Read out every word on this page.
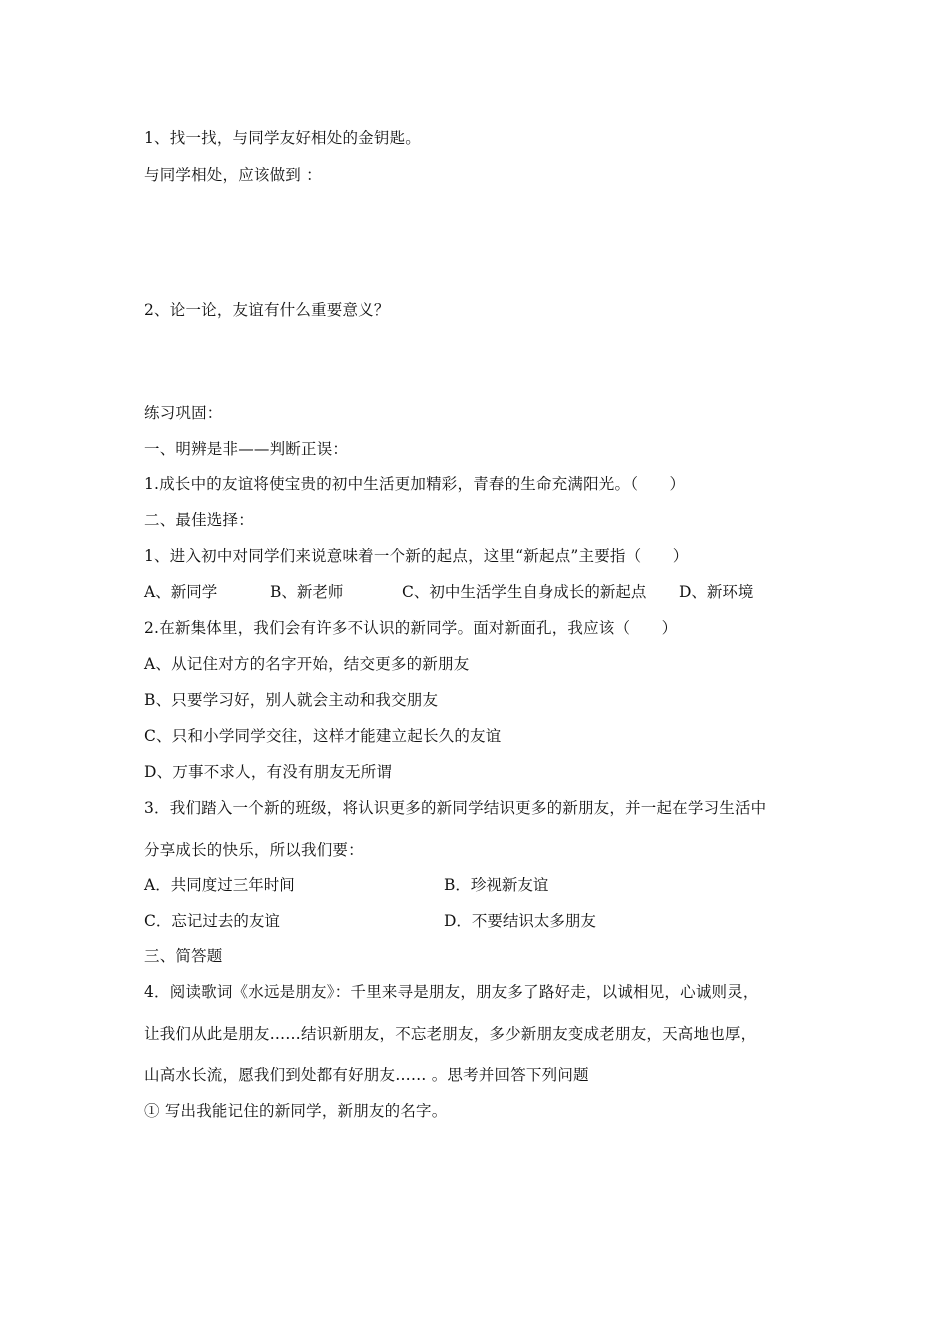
1、找一找，与同学友好相处的金钥匙。
与同学相处，应该做到 ：
2、论一论，友谊有什么重要意义？
练习巩固：
一、明辨是非——判断正误：
1.成长中的友谊将使宝贵的初中生活更加精彩，青春的生命充满阳光。（　　）
二、最佳选择：
1、进入初中对同学们来说意味着一个新的起点，这里“新起点”主要指（　　）
A、新同学	B、新老师	C、初中生活学生自身成长的新起点 D、新环境
2.在新集体里，我们会有许多不认识的新同学。面对新面孔，我应该（　　）
A、从记住对方的名字开始，结交更多的新朋友
B、只要学习好，别人就会主动和我交朋友
C、只和小学同学交往，这样才能建立起长久的友谊
D、万事不求人，有没有朋友无所谓
3．我们踏入一个新的班级，将认识更多的新同学结识更多的新朋友，并一起在学习生活中
分享成长的快乐，所以我们要：
A．共同度过三年时间	B．珍视新友谊
C．忘记过去的友谊	D．不要结识太多朋友
三、简答题
4．阅读歌词《水远是朋友》：千里来寻是朋友，朋友多了路好走，以诚相见，心诚则灵，
让我们从此是朋友……结识新朋友，不忘老朋友，多少新朋友变成老朋友，天高地也厚，
山高水长流，愿我们到处都有好朋友…… 。思考并回答下列问题
① 写出我能记住的新同学，新朋友的名字。
